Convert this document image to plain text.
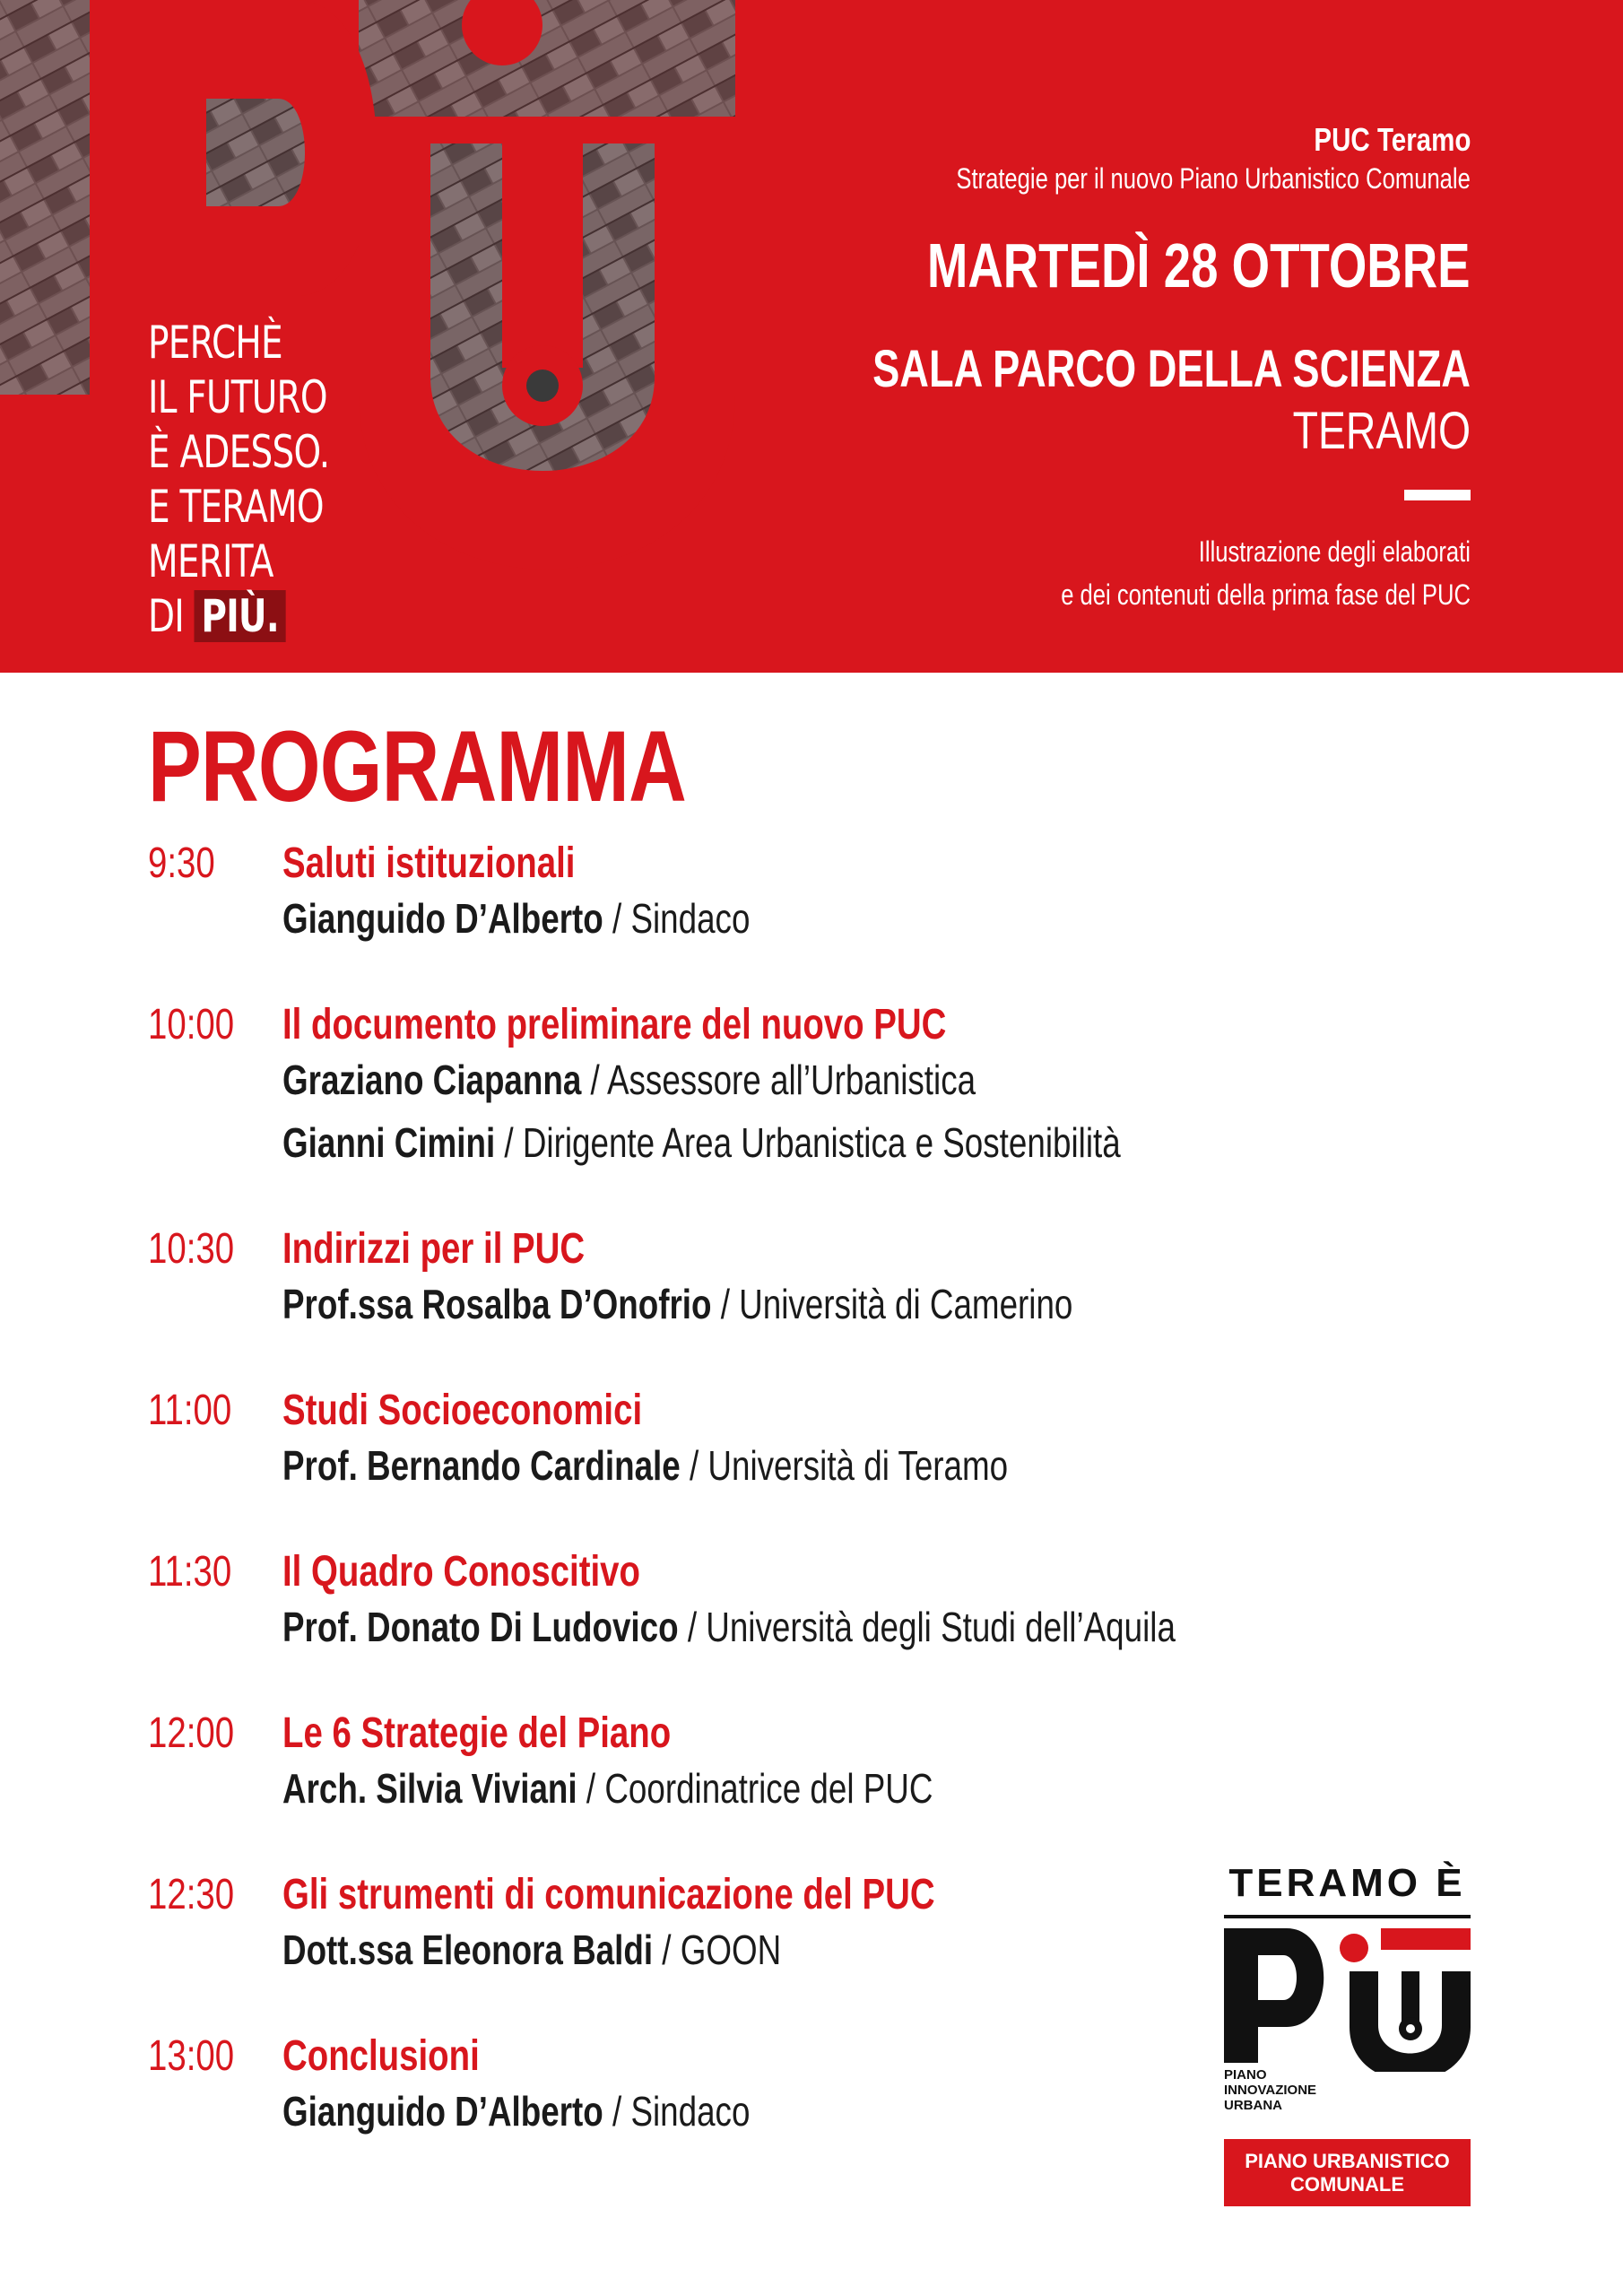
PERCHÈ
IL FUTURO
È ADESSO.
E TERAMO
MERITA
DI PIÙ.
PUC Teramo
Strategie per il nuovo Piano Urbanistico Comunale
MARTEDÌ 28 OTTOBRE
SALA PARCO DELLA SCIENZA
TERAMO
Illustrazione degli elaborati
e dei contenuti della prima fase del PUC
PROGRAMMA
9:30 Saluti istituzionali
Gianguido D’Alberto / Sindaco
10:00 Il documento preliminare del nuovo PUC
Graziano Ciapanna / Assessore all’Urbanistica
Gianni Cimini / Dirigente Area Urbanistica e Sostenibilità
10:30 Indirizzi per il PUC
Prof.ssa Rosalba D’Onofrio / Università di Camerino
11:00 Studi Socioeconomici
Prof. Bernando Cardinale / Università di Teramo
11:30 Il Quadro Conoscitivo
Prof. Donato Di Ludovico / Università degli Studi dell’Aquila
12:00 Le 6 Strategie del Piano
Arch. Silvia Viviani / Coordinatrice del PUC
12:30 Gli strumenti di comunicazione del PUC
Dott.ssa Eleonora Baldi / GOON
13:00 Conclusioni
Gianguido D’Alberto / Sindaco
TERAMO È
PIANO
INNOVAZIONE
URBANA
PIANO URBANISTICO
COMUNALE
